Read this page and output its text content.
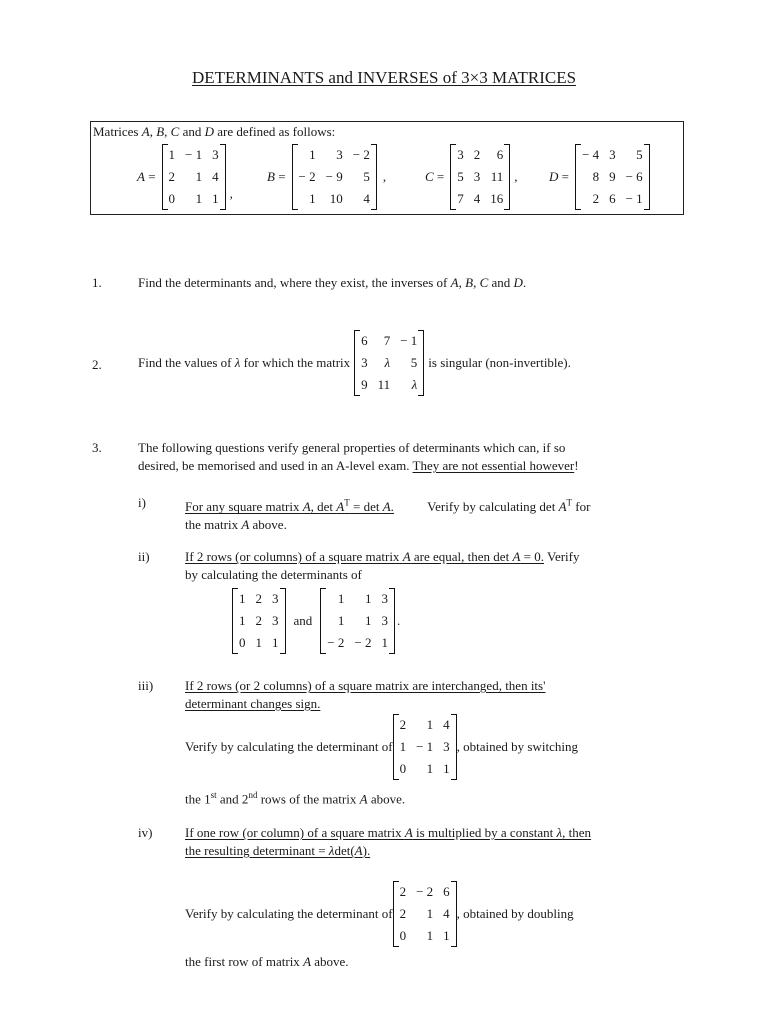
DETERMINANTS and INVERSES of 3×3 MATRICES
Matrices A, B, C and D are defined as follows:
A =
1 − 1 3
2	1 4
0	1 1 ,
B =
1	3 − 2
− 2 − 9	5
1	10	4
,	C =
3 2	6
5 3 11
7 4 16
, D =
− 4 3	5
8 9 − 6
2 6 − 1
1.	Find the determinants and, where they exist, the inverses of A, B, C and D.
2.	Find the values of λ for which the matrix
6	7 − 1
3	λ	5
9 11	λ
is singular (non-invertible).
3.	The following questions verify general properties of determinants which can, if so
desired, be memorised and used in an A-level exam. They are not essential however!
i)	For any square matrix A, $\det A^T = \det A$.	Verify by calculating $\det A^T$ for
the matrix A above.
ii)	If 2 rows (or columns) of a square matrix A are equal, then det A = 0. Verify
by calculating the determinants of
1 2 3
1 2 3
0 1 1
and
1	1 3
1	1 3
− 2 − 2 1
.
iii) If 2 rows (or 2 columns) of a square matrix are interchanged, then its'
determinant changes sign.
Verify by calculating the determinant of
2	1 4
1 − 1 3
0	1 1
, obtained by switching
the 1st and 2nd rows of the matrix A above.
iv)	If one row (or column) of a square matrix A is multiplied by a constant λ, then
the resulting determinant = λdet(A).
Verify by calculating the determinant of
2 − 2 6
2	1 4
0	1 1
, obtained by doubling
the first row of matrix A above.
